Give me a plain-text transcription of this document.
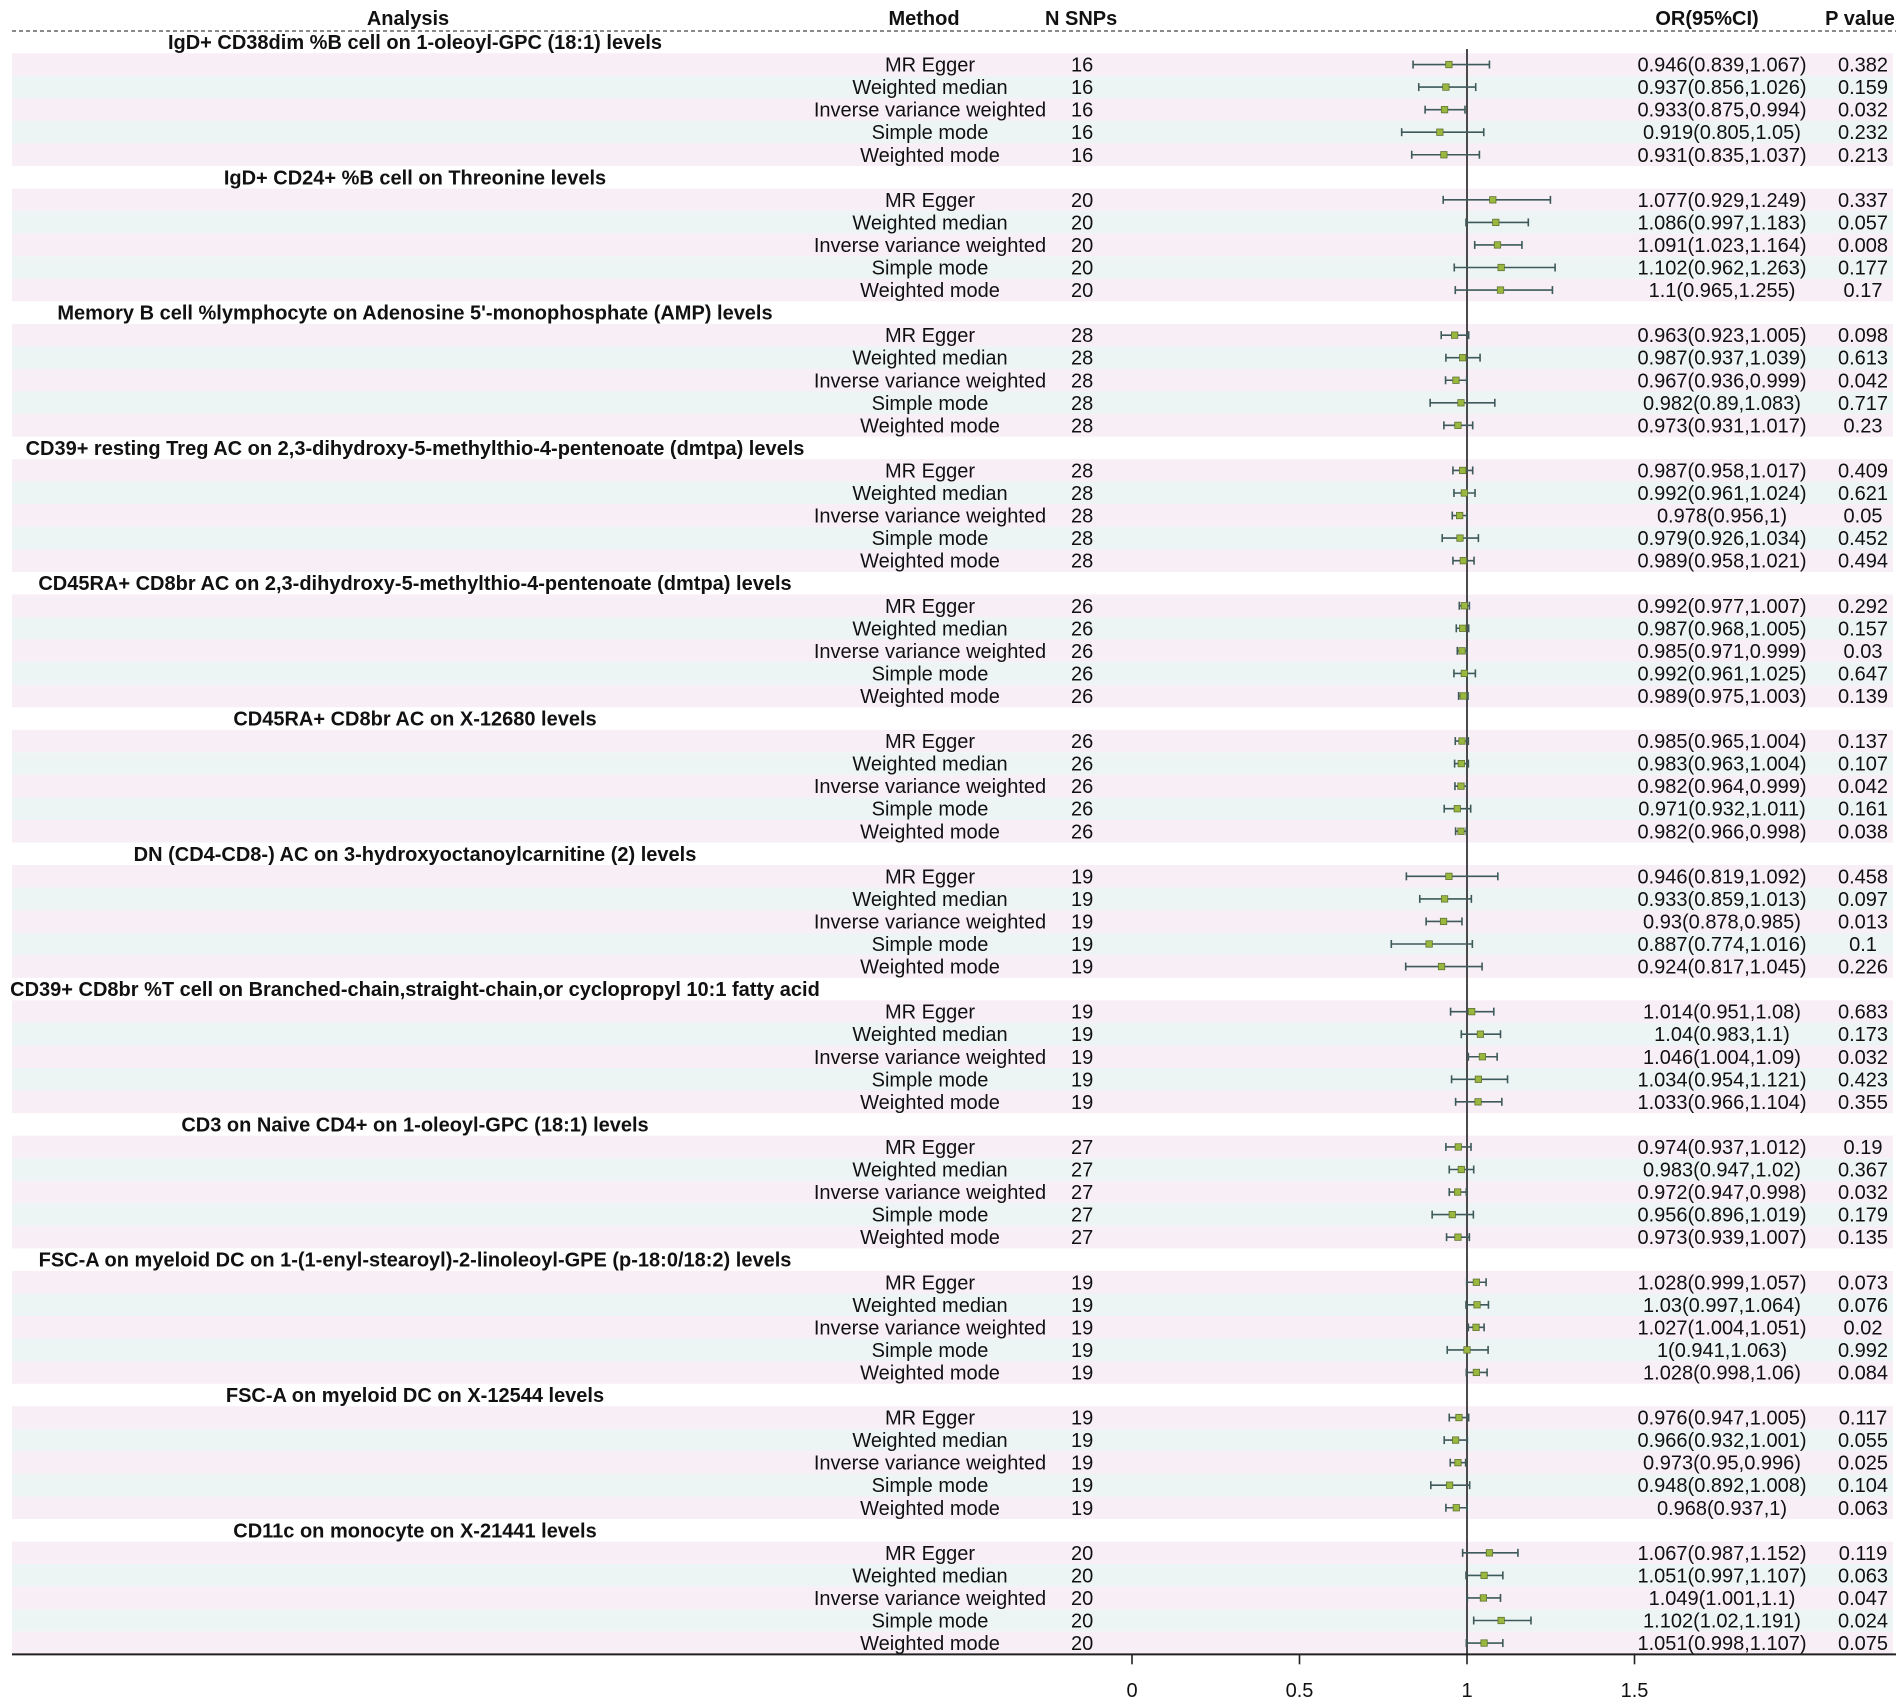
Analysis	Method	N SNPs	OR(95%CI)	P value
IgD+ CD38dim %B cell on 1-oleoyl-GPC (18:1) levels
MR Egger	16	0.946(0.839,1.067) 0.382
Weighted median	16	0.937(0.856,1.026) 0.159
Inverse variance weighted 16	0.933(0.875,0.994) 0.032
Simple mode	16	0.919(0.805,1.05) 0.232
Weighted mode	16	0.931(0.835,1.037) 0.213
IgD+ CD24+ %B cell on Threonine levels
MR Egger	20	1.077(0.929,1.249) 0.337
Weighted median	20	1.086(0.997,1.183) 0.057
Inverse variance weighted 20	1.091(1.023,1.164) 0.008
Simple mode	20	1.102(0.962,1.263) 0.177
Weighted mode	20	1.1(0.965,1.255) 0.17
Memory B cell %lymphocyte on Adenosine 5'-monophosphate (AMP) levels
MR Egger	28	0.963(0.923,1.005) 0.098
Weighted median	28	0.987(0.937,1.039) 0.613
Inverse variance weighted 28	0.967(0.936,0.999) 0.042
Simple mode	28	0.982(0.89,1.083) 0.717
Weighted mode	28	0.973(0.931,1.017) 0.23
CD39+ resting Treg AC on 2,3-dihydroxy-5-methylthio-4-pentenoate (dmtpa) levels
MR Egger	28	0.987(0.958,1.017) 0.409
Weighted median	28	0.992(0.961,1.024) 0.621
Inverse variance weighted 28	0.978(0.956,1)	0.05
Simple mode	28	0.979(0.926,1.034) 0.452
Weighted mode	28	0.989(0.958,1.021) 0.494
CD45RA+ CD8br AC on 2,3-dihydroxy-5-methylthio-4-pentenoate (dmtpa) levels
MR Egger	26	0.992(0.977,1.007) 0.292
Weighted median	26	0.987(0.968,1.005) 0.157
Inverse variance weighted 26	0.985(0.971,0.999) 0.03
Simple mode	26	0.992(0.961,1.025) 0.647
Weighted mode	26	0.989(0.975,1.003) 0.139
CD45RA+ CD8br AC on X-12680 levels
MR Egger	26	0.985(0.965,1.004) 0.137
Weighted median	26	0.983(0.963,1.004) 0.107
Inverse variance weighted 26	0.982(0.964,0.999) 0.042
Simple mode	26	0.971(0.932,1.011) 0.161
Weighted mode	26	0.982(0.966,0.998) 0.038
DN (CD4-CD8-) AC on 3-hydroxyoctanoylcarnitine (2) levels
MR Egger	19	0.946(0.819,1.092) 0.458
Weighted median	19	0.933(0.859,1.013) 0.097
Inverse variance weighted 19	0.93(0.878,0.985) 0.013
Simple mode	19	0.887(0.774,1.016) 0.1
Weighted mode	19	0.924(0.817,1.045) 0.226
CD39+ CD8br %T cell on Branched-chain,straight-chain,or cyclopropyl 10:1 fatty acid
MR Egger	19	1.014(0.951,1.08) 0.683
Weighted median	19	1.04(0.983,1.1) 0.173
Inverse variance weighted 19	1.046(1.004,1.09) 0.032
Simple mode	19	1.034(0.954,1.121) 0.423
Weighted mode	19	1.033(0.966,1.104) 0.355
CD3 on Naive CD4+ on 1-oleoyl-GPC (18:1) levels
MR Egger	27	0.974(0.937,1.012) 0.19
Weighted median	27	0.983(0.947,1.02) 0.367
Inverse variance weighted 27	0.972(0.947,0.998) 0.032
Simple mode	27	0.956(0.896,1.019) 0.179
Weighted mode	27	0.973(0.939,1.007) 0.135
FSC-A on myeloid DC on 1-(1-enyl-stearoyl)-2-linoleoyl-GPE (p-18:0/18:2) levels
MR Egger	19	1.028(0.999,1.057) 0.073
Weighted median	19	1.03(0.997,1.064) 0.076
Inverse variance weighted 19	1.027(1.004,1.051) 0.02
Simple mode	19	1(0.941,1.063)	0.992
Weighted mode	19	1.028(0.998,1.06) 0.084
FSC-A on myeloid DC on X-12544 levels
MR Egger	19	0.976(0.947,1.005) 0.117
Weighted median	19	0.966(0.932,1.001) 0.055
Inverse variance weighted 19	0.973(0.95,0.996) 0.025
Simple mode	19	0.948(0.892,1.008) 0.104
Weighted mode	19	0.968(0.937,1)	0.063
CD11c on monocyte on X-21441 levels
MR Egger	20	1.067(0.987,1.152) 0.119
Weighted median	20	1.051(0.997,1.107) 0.063
Inverse variance weighted 20	1.049(1.001,1.1) 0.047
Simple mode	20	1.102(1.02,1.191) 0.024
Weighted mode	20	1.051(0.998,1.107) 0.075
0	0.5	1	1.5
